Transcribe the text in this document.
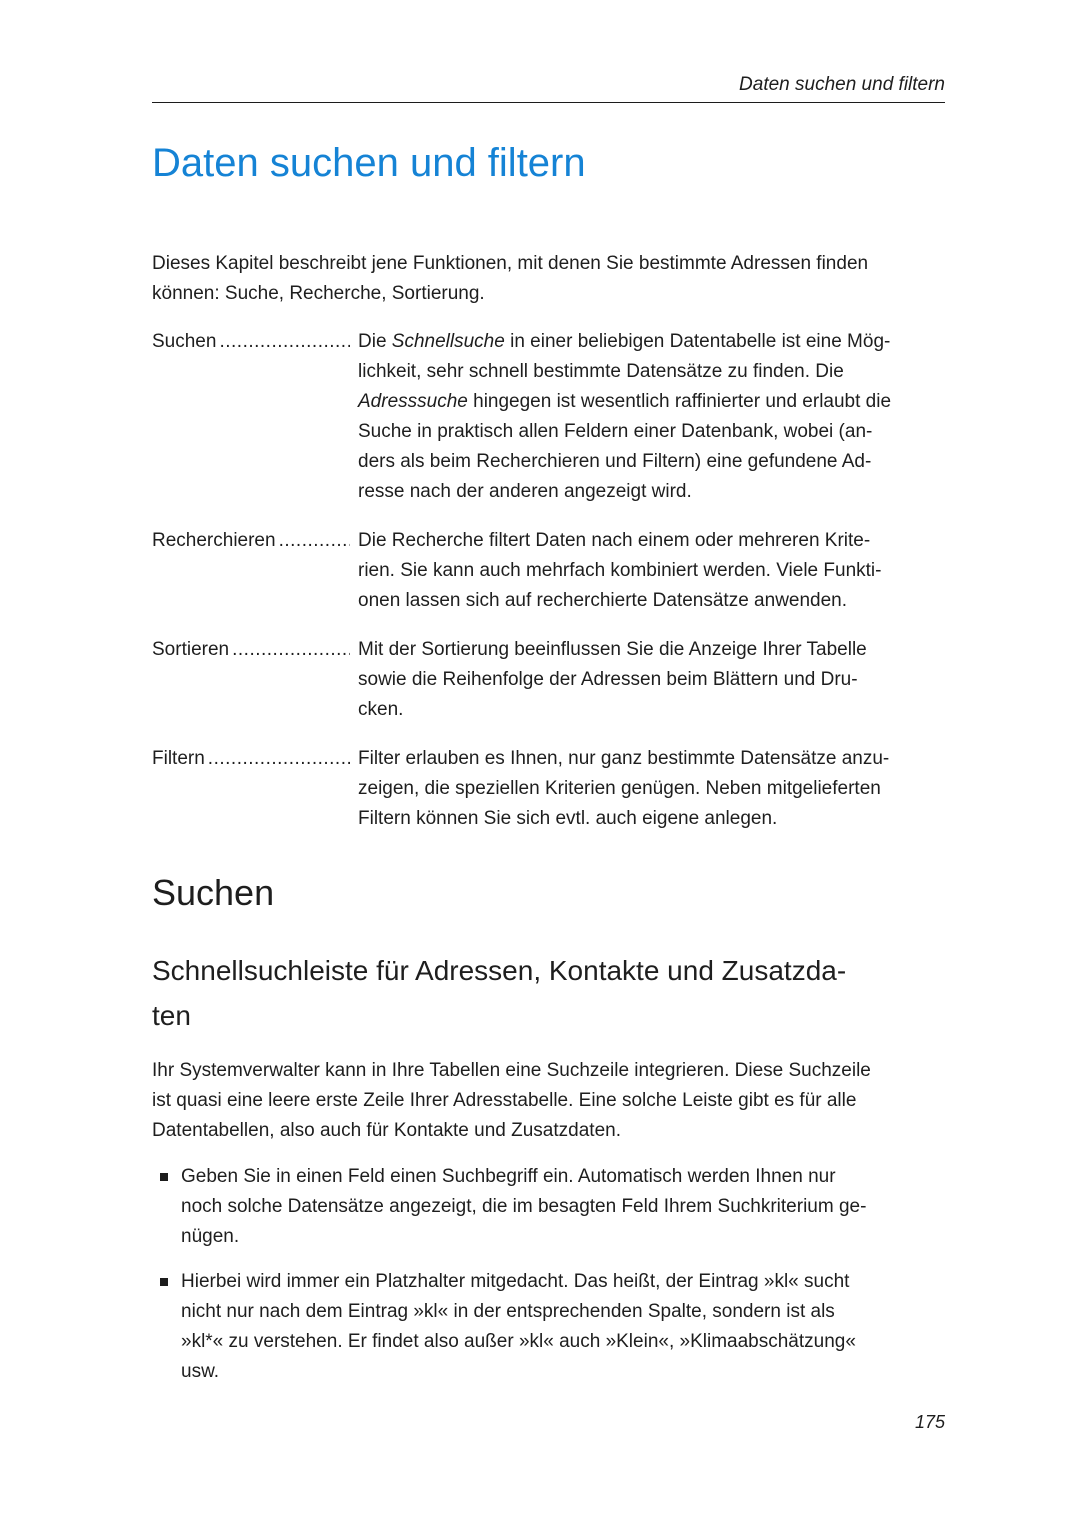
Daten suchen und filtern
Daten suchen und filtern

Dieses Kapitel beschreibt jene Funktionen, mit denen Sie bestimmte Adressen finden
können: Suche, Recherche, Sortierung.

Suchen .....	Die Schnellsuche in einer beliebigen Datentabelle ist eine Mög-
lichkeit, sehr schnell bestimmte Datensätze zu finden. Die
Adresssuche hingegen ist wesentlich raffinierter und erlaubt die
Suche in praktisch allen Feldern einer Datenbank, wobei (an-
ders als beim Recherchieren und Filtern) eine gefundene Ad-
resse nach der anderen angezeigt wird.
Recherchieren .....	Die Recherche filtert Daten nach einem oder mehreren Krite-
rien. Sie kann auch mehrfach kombiniert werden. Viele Funkti-
onen lassen sich auf recherchierte Datensätze anwenden.
Sortieren .....	Mit der Sortierung beeinflussen Sie die Anzeige Ihrer Tabelle
sowie die Reihenfolge der Adressen beim Blättern und Dru-
cken.
Filtern .....	Filter erlauben es Ihnen, nur ganz bestimmte Datensätze anzu-
zeigen, die speziellen Kriterien genügen. Neben mitgelieferten
Filtern können Sie sich evtl. auch eigene anlegen.
Suchen
Schnellsuchleiste für Adressen, Kontakte und Zusatzda-
ten

Ihr Systemverwalter kann in Ihre Tabellen eine Suchzeile integrieren. Diese Suchzeile
ist quasi eine leere erste Zeile Ihrer Adresstabelle. Eine solche Leiste gibt es für alle
Datentabellen, also auch für Kontakte und Zusatzdaten.

Geben Sie in einen Feld einen Suchbegriff ein. Automatisch werden Ihnen nur
noch solche Datensätze angezeigt, die im besagten Feld Ihrem Suchkriterium ge-
nügen.
Hierbei wird immer ein Platzhalter mitgedacht. Das heißt, der Eintrag »kl« sucht
nicht nur nach dem Eintrag »kl« in der entsprechenden Spalte, sondern ist als
»kl*« zu verstehen. Er findet also außer »kl« auch »Klein«, »Klimaabschätzung«
usw.
175
